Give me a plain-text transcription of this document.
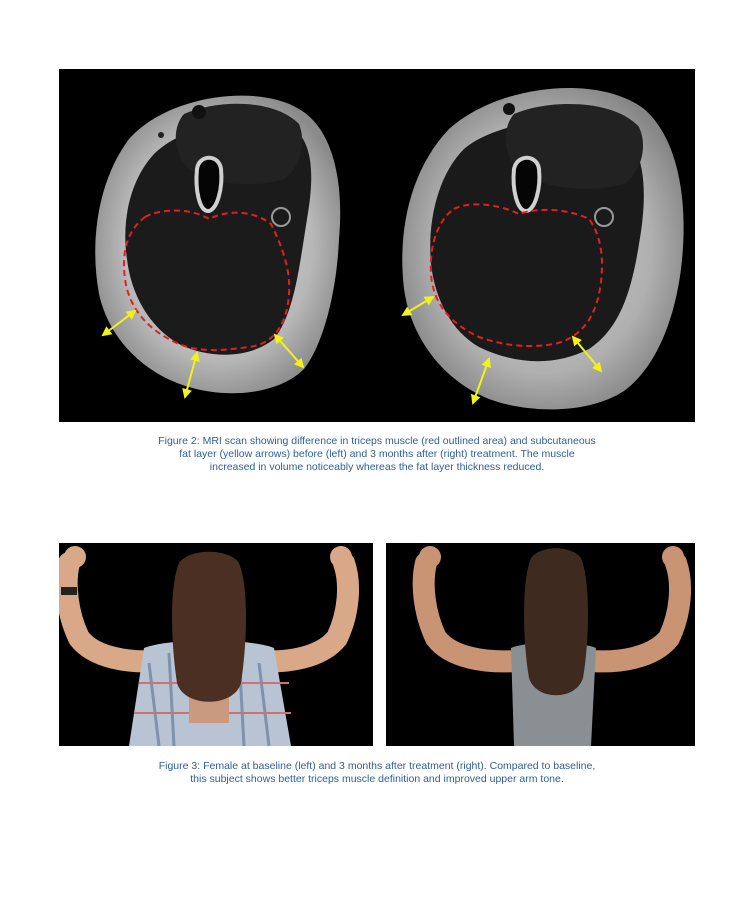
Figure 2: MRI scan showing difference in triceps muscle (red outlined area) and subcutaneous
fat layer (yellow arrows) before (left) and 3 months after (right) treatment. The muscle
increased in volume noticeably whereas the fat layer thickness reduced.
Figure 3: Female at baseline (left) and 3 months after treatment (right). Compared to baseline,
this subject shows better triceps muscle definition and improved upper arm tone.
